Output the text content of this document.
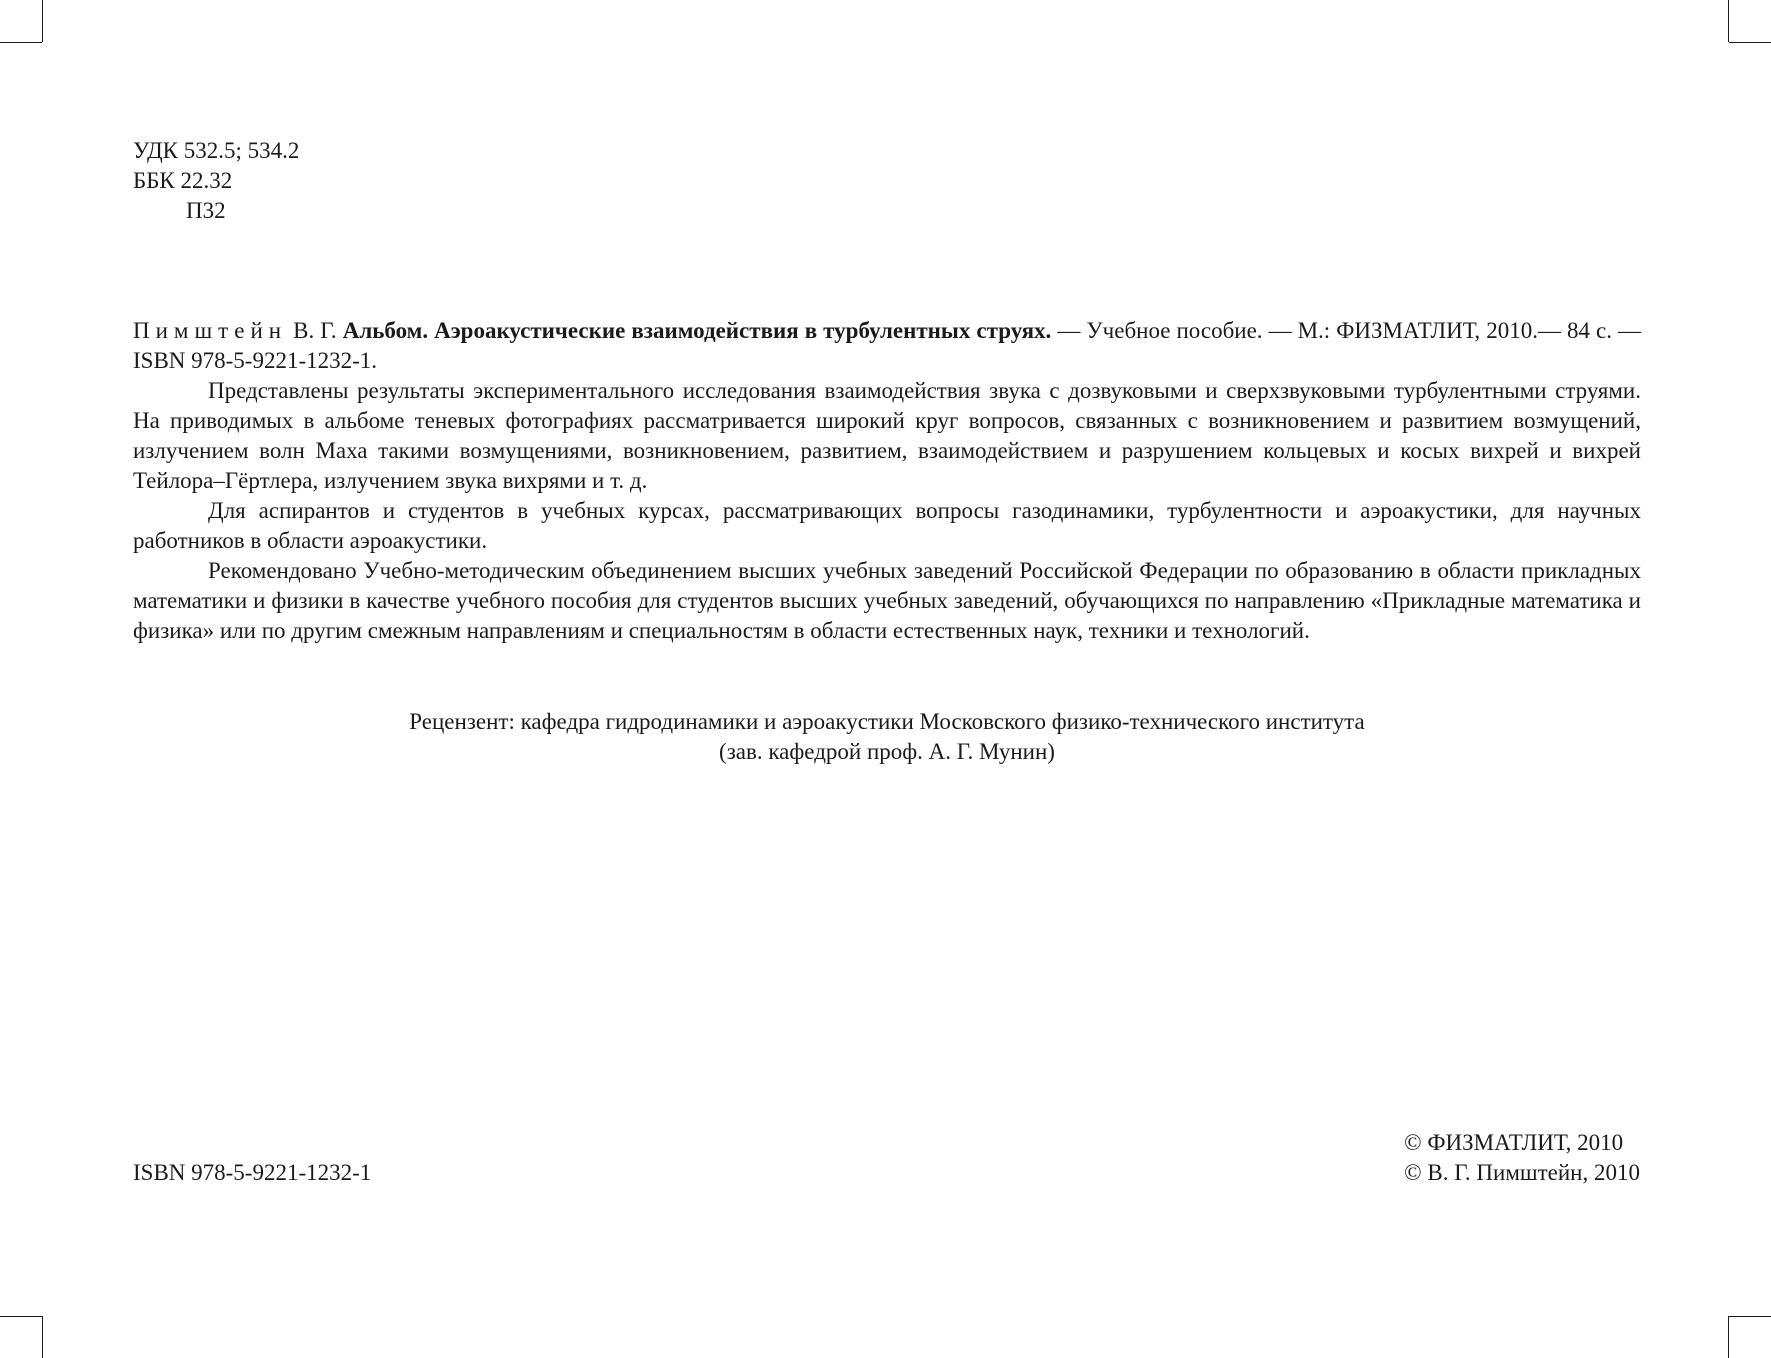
УДК 532.5; 534.2
ББК 22.32
П32

Пимштейн В. Г. Альбом. Аэроакустические взаимодействия в турбулентных струях. — Учебное пособие. — М.: ФИЗМАТЛИТ, 2010.— 84 с. — ISBN 978-5-9221-1232-1.

Представлены результаты экспериментального исследования взаимодействия звука с дозвуковыми и сверхзвуковыми турбулентными струями. На приводимых в альбоме теневых фотографиях рассматривается широкий круг вопросов, связанных с возникновением и развитием возмущений, излучением волн Маха такими возмущениями, возникновением, развитием, взаимодействием и разрушением кольцевых и косых вихрей и вихрей Тейлора–Гёртлера, излучением звука вихрями и т. д.

Для аспирантов и студентов в учебных курсах, рассматривающих вопросы газодинамики, турбулентности и аэроакустики, для научных работников в области аэроакустики.

Рекомендовано Учебно-методическим объединением высших учебных заведений Российской Федерации по образованию в области прикладных математики и физики в качестве учебного пособия для студентов высших учебных заведений, обучающихся по направлению «Прикладные математика и физика» или по другим смежным направлениям и специальностям в области естественных наук, техники и технологий.

Рецензент: кафедра гидродинамики и аэроакустики Московского физико-технического института
(зав. кафедрой проф. А. Г. Мунин)
ISBN 978-5-9221-1232-1
© ФИЗМАТЛИТ, 2010
© В. Г. Пимштейн, 2010
